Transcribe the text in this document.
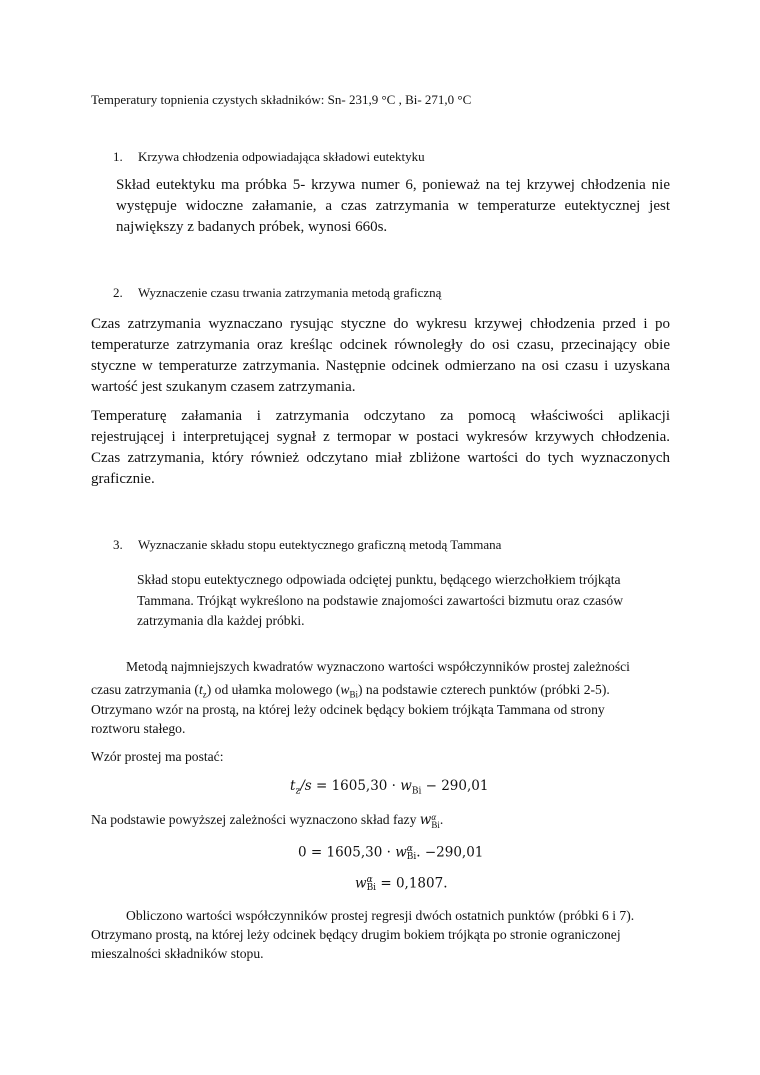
Temperatury topnienia czystych składników: Sn- 231,9 °C , Bi- 271,0 °C
1. Krzywa chłodzenia odpowiadająca składowi eutektyku
Skład eutektyku ma próbka 5- krzywa numer 6, ponieważ na tej krzywej chłodzenia nie
występuje widoczne załamanie, a czas zatrzymania w temperaturze eutektycznej jest
największy z badanych próbek, wynosi 660s.
2. Wyznaczenie czasu trwania zatrzymania metodą graficzną
Czas zatrzymania wyznaczano rysując styczne do wykresu krzywej chłodzenia przed i po
temperaturze zatrzymania oraz kreśląc odcinek równoległy do osi czasu, przecinający obie
styczne w temperaturze zatrzymania. Następnie odcinek odmierzano na osi czasu i uzyskana
wartość jest szukanym czasem zatrzymania.
Temperaturę załamania i zatrzymania odczytano za pomocą właściwości aplikacji
rejestrującej i interpretującej sygnał z termopar w postaci wykresów krzywych chłodzenia.
Czas zatrzymania, który również odczytano miał zbliżone wartości do tych wyznaczonych
graficznie.
3. Wyznaczanie składu stopu eutektycznego graficzną metodą Tammana
Skład stopu eutektycznego odpowiada odciętej punktu, będącego wierzchołkiem trójkąta
Tammana. Trójkąt wykreślono na podstawie znajomości zawartości bizmutu oraz czasów
zatrzymania dla każdej próbki.
Metodą najmniejszych kwadratów wyznaczono wartości współczynników prostej zależności
czasu zatrzymania $(t_z)$ od ułamka molowego $(w_{Bi})$ na podstawie czterech punktów (próbki 2-5).
Otrzymano wzór na prostą, na której leży odcinek będący bokiem trójkąta Tammana od strony
roztworu stałego.
Wzór prostej ma postać:
$t_z/s = 1605,30 \cdot w_{Bi} - 290,01$
Na podstawie powyższej zależności wyznaczono skład fazy wα
Bi.
0 = 1605,30 · wα
Bi. −290,01
wα
Bi = 0,1807.
Obliczono wartości współczynników prostej regresji dwóch ostatnich punktów (próbki 6 i 7).
Otrzymano prostą, na której leży odcinek będący drugim bokiem trójkąta po stronie ograniczonej
mieszalności składników stopu.
